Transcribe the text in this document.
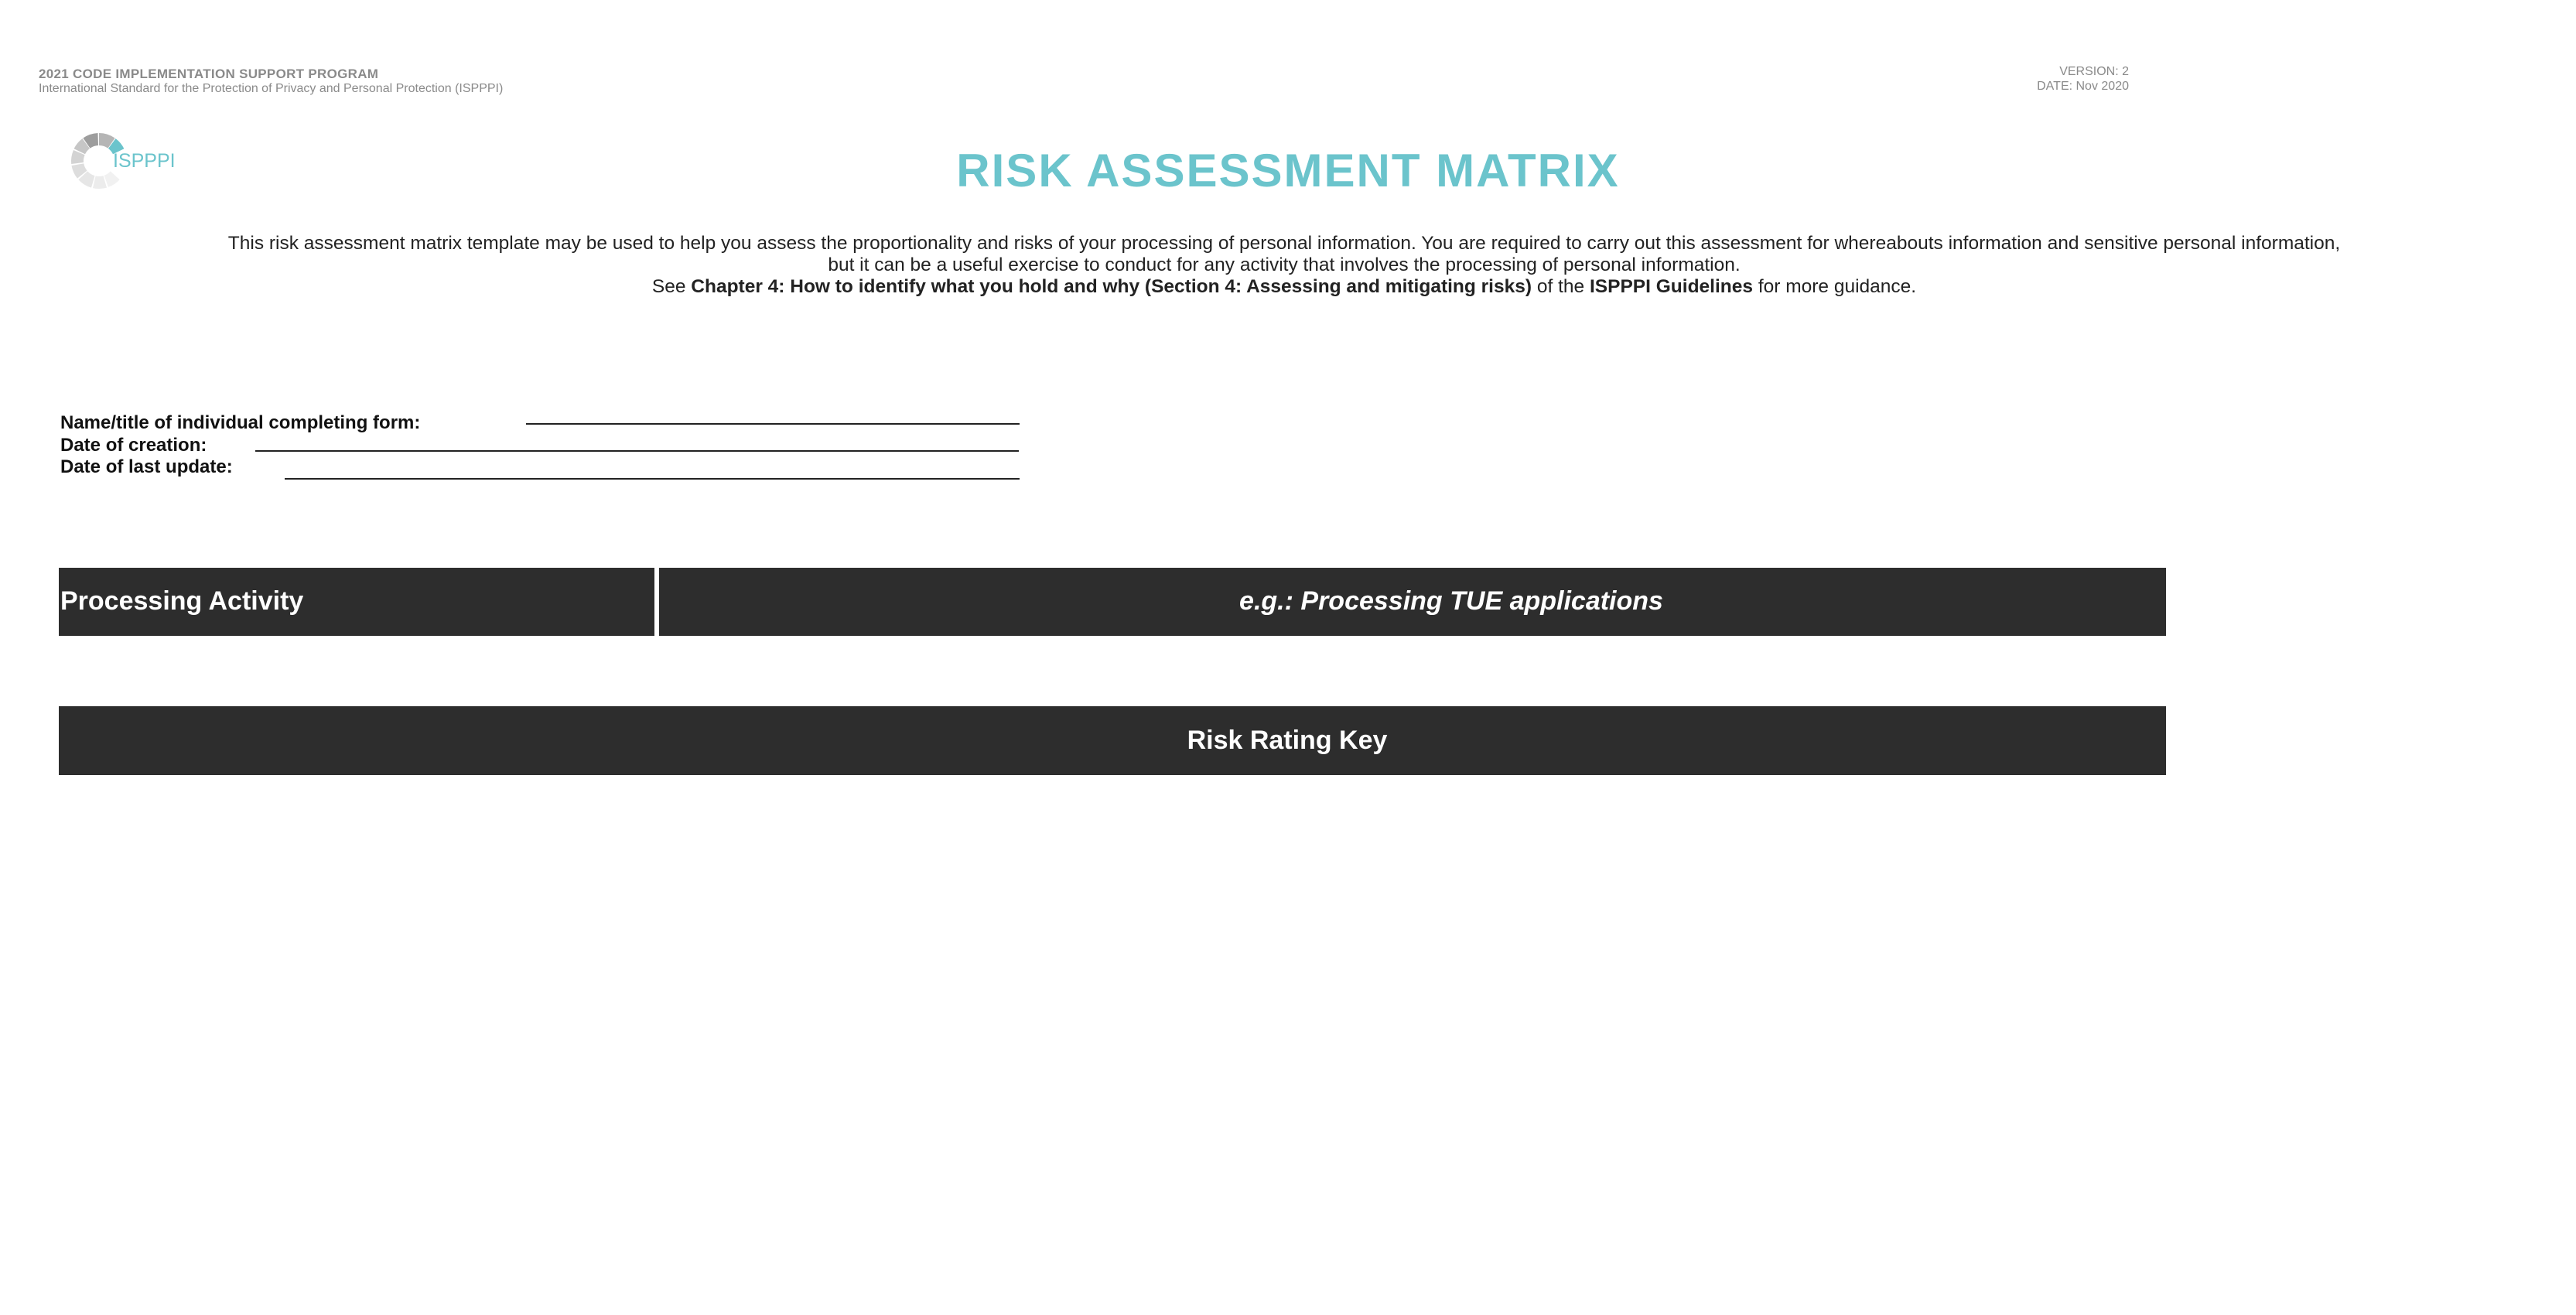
2021 CODE IMPLEMENTATION SUPPORT PROGRAM
International Standard for the Protection of Privacy and Personal Protection (ISPPPI)
VERSION: 2
DATE: Nov 2020
ISPPPI	RISK ASSESSMENT MATRIX
This risk assessment matrix template may be used to help you assess the proportionality and risks of your processing of personal information. You are required to carry out this assessment for whereabouts information and sensitive personal information,
but it can be a useful exercise to conduct for any activity that involves the processing of personal information.
See Chapter 4: How to identify what you hold and why (Section 4: Assessing and mitigating risks) of the ISPPPI Guidelines for more guidance.
Name/title of individual completing form:
Date of creation:
Date of last update:
Processing Activity	e.g.: Processing TUE applications
Risk Rating Key
